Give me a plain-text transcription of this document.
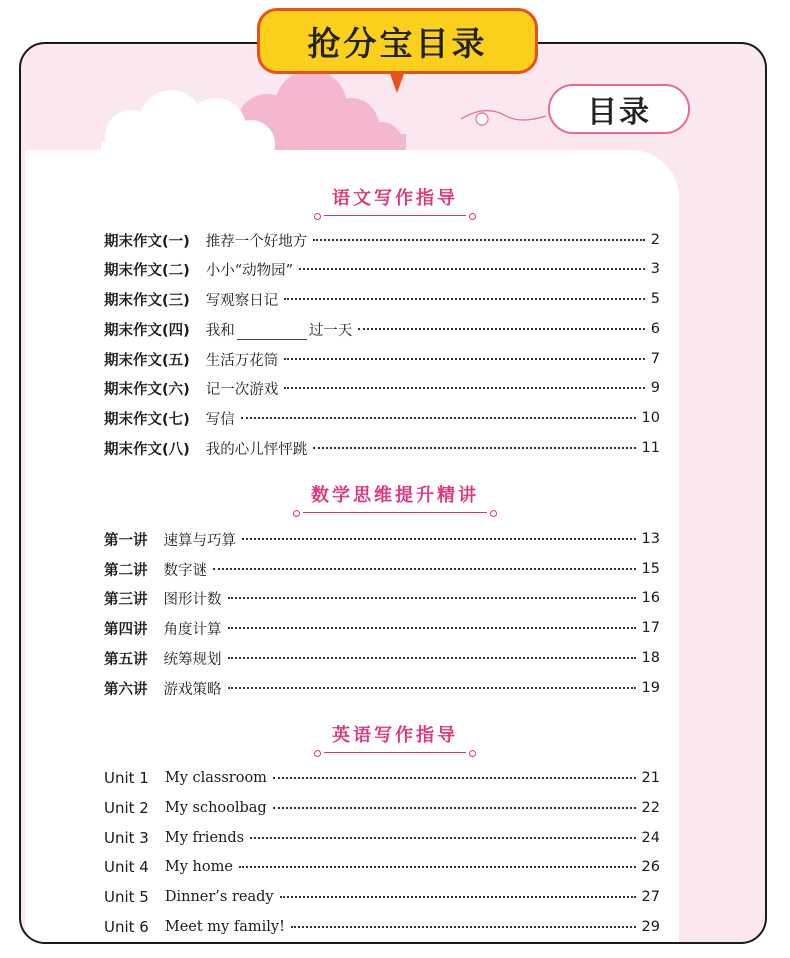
抢分宝目录
目录
语文写作指导
期末作文(一) 推荐一个好地方	2
期末作文(二) 小小“动物园”	3
期末作文(三) 写观察日记	5
期末作文(四) 我和	过一天	6
期末作文(五) 生活万花筒	7
期末作文(六) 记一次游戏	9
期末作文(七) 写信	10
期末作文(八) 我的心儿怦怦跳	11
数学思维提升精讲
第一讲 速算与巧算	13
第二讲 数字谜	15
第三讲 图形计数	16
第四讲 角度计算	17
第五讲 统筹规划	18
第六讲 游戏策略	19
英语写作指导
Unit 1 My classroom	21
Unit 2 My schoolbag	22
Unit 3 My friends	24
Unit 4 My home	26
Unit 5 Dinner’s ready	27
Unit 6 Meet my family!	29
